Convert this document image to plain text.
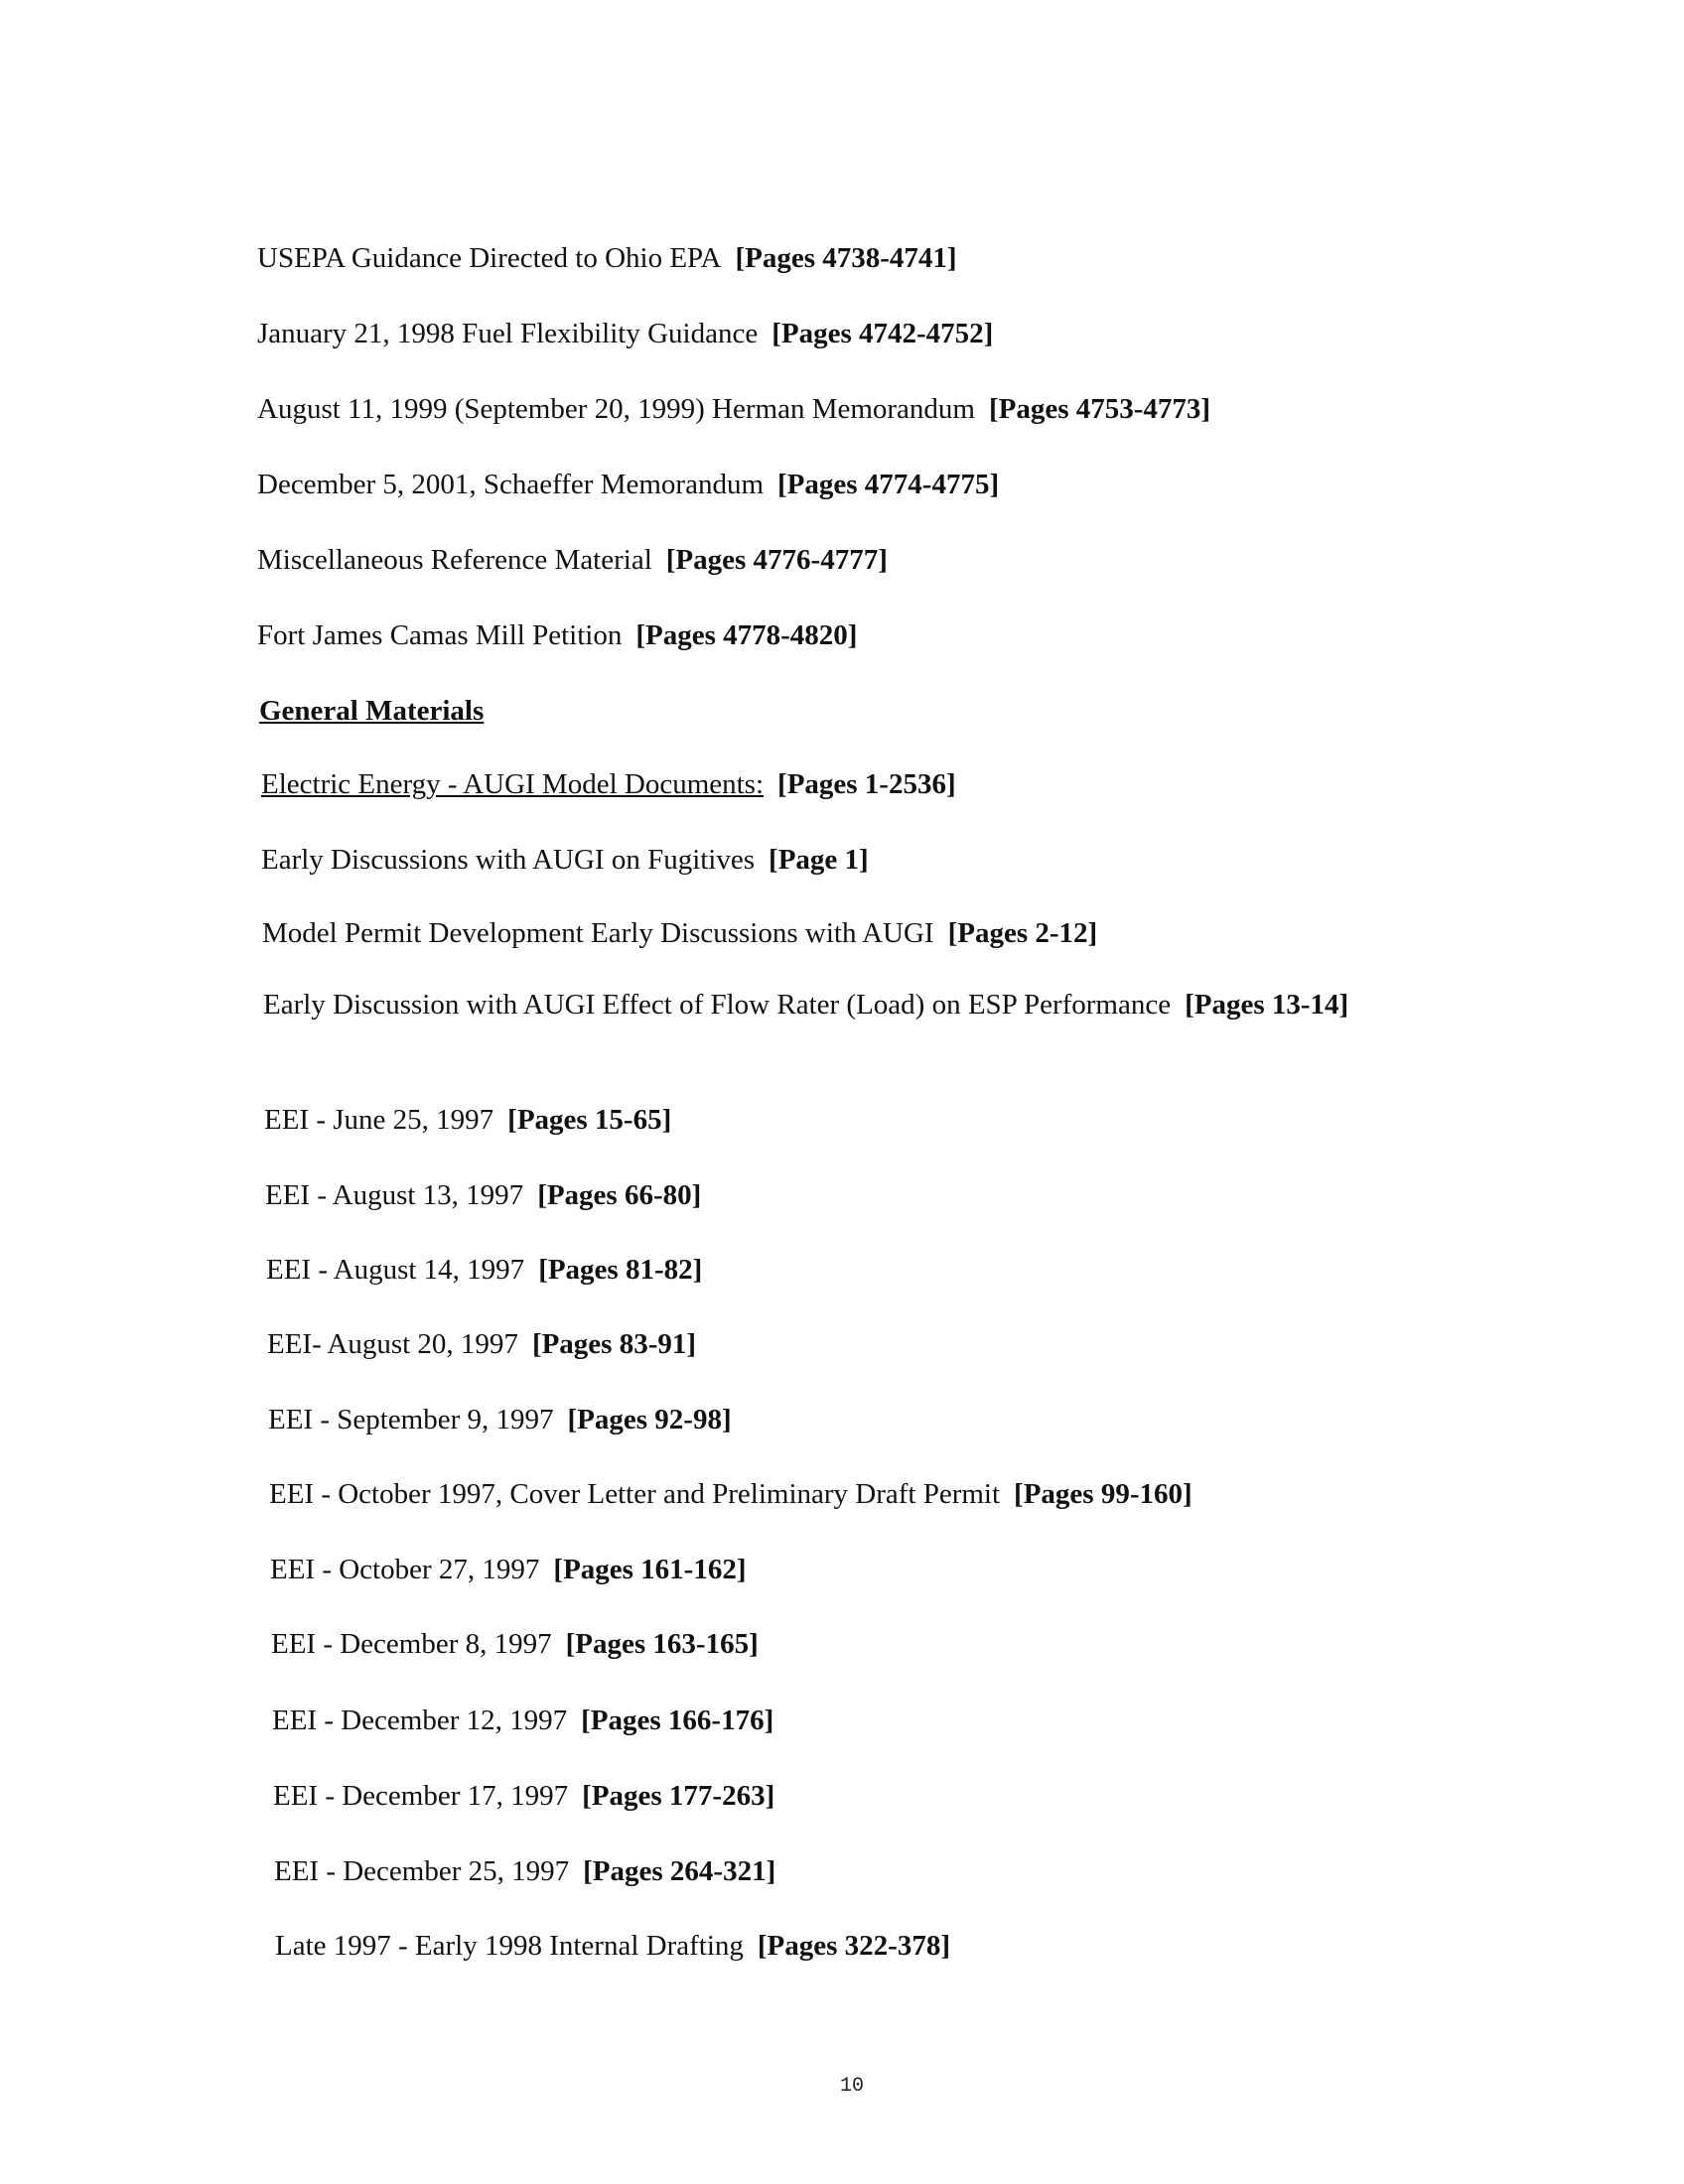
USEPA Guidance Directed to Ohio EPA [Pages 4738-4741]
January 21, 1998 Fuel Flexibility Guidance [Pages 4742-4752]
August 11, 1999 (September 20, 1999) Herman Memorandum [Pages 4753-4773]
December 5, 2001, Schaeffer Memorandum [Pages 4774-4775]
Miscellaneous Reference Material [Pages 4776-4777]
Fort James Camas Mill Petition [Pages 4778-4820]
General Materials
Electric Energy - AUGI Model Documents: [Pages 1-2536]
Early Discussions with AUGI on Fugitives [Page 1]
Model Permit Development Early Discussions with AUGI [Pages 2-12]
Early Discussion with AUGI Effect of Flow Rater (Load) on ESP Performance [Pages 13-14]
EEI - June 25, 1997 [Pages 15-65]
EEI - August 13, 1997 [Pages 66-80]
EEI - August 14, 1997 [Pages 81-82]
EEI- August 20, 1997 [Pages 83-91]
EEI - September 9, 1997 [Pages 92-98]
EEI - October 1997, Cover Letter and Preliminary Draft Permit [Pages 99-160]
EEI - October 27, 1997 [Pages 161-162]
EEI - December 8, 1997 [Pages 163-165]
EEI - December 12, 1997 [Pages 166-176]
EEI - December 17, 1997 [Pages 177-263]
EEI - December 25, 1997 [Pages 264-321]
Late 1997 - Early 1998 Internal Drafting [Pages 322-378]
10
